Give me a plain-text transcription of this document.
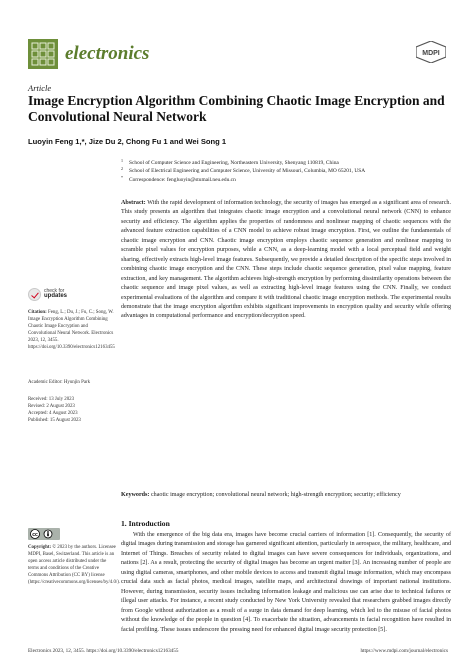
electronics	MDPI
Article
Image Encryption Algorithm Combining Chaotic Image Encryption and Convolutional Neural Network
Luoyin Feng 1,*, Jize Du 2, Chong Fu 1 and Wei Song 1
1 School of Computer Science and Engineering, Northeastern University, Shenyang 110819, China
2 School of Electrical Engineering and Computer Science, University of Missouri, Columbia, MO 65201, USA
* Correspondence: fengluoyin@stumail.neu.edu.cn
Abstract: With the rapid development of information technology, the security of images has emerged as a significant area of research. This study presents an algorithm that integrates chaotic image encryption and a convolutional neural network (CNN) to enhance security and efficiency. The algorithm applies the properties of randomness and nonlinear mapping of chaotic sequences with the advanced feature extraction capabilities of a CNN model to achieve robust image encryption. First, we outline the fundamentals of chaotic image encryption and CNN. Chaotic image encryption employs chaotic sequence generation and nonlinear mapping to scramble pixel values for encryption purposes, while a CNN, as a deep-learning model with a local perceptual field and weight sharing, effectively extracts high-level image features. Subsequently, we provide a detailed description of the specific steps involved in combining chaotic image encryption and the CNN. These steps include chaotic sequence generation, pixel value mapping, feature extraction, and key management. The algorithm achieves high-strength encryption by performing dissimilarity operations between the chaotic sequence and image pixel values, as well as extracting high-level image features using the CNN. Finally, we conduct experimental evaluations of the algorithm and compare it with traditional chaotic image encryption methods. The experimental results demonstrate that the image encryption algorithm exhibits significant improvements in encryption quality and security while offering advantages in computational performance and encryption/decryption speed.
Keywords: chaotic image encryption; convolutional neural network; high-strength encryption; security; efficiency
check for
updates
Citation: Feng, L.; Du, J.; Fu, C.; Song, W. Image Encryption Algorithm Combining Chaotic Image Encryption and Convolutional Neural Network. Electronics 2023, 12, 3455. https://doi.org/10.3390/electronics12163455
Academic Editor: Hyunjin Park
Received: 13 July 2023
Revised: 2 August 2023
Accepted: 4 August 2023
Published: 15 August 2023
cc
Copyright: © 2023 by the authors. Licensee MDPI, Basel, Switzerland. This article is an open access article distributed under the terms and conditions of the Creative Commons Attribution (CC BY) license (https://creativecommons.org/licenses/by/4.0/).
1. Introduction
With the emergence of the big data era, images have become crucial carriers of information [1]. Consequently, the security of digital images during transmission and storage has garnered significant attention, particularly in aerospace, the military, healthcare, and Internet of Things. Breaches of security related to digital images can have severe consequences for individuals, organizations, and nations [2]. As a result, protecting the security of digital images has become an urgent matter [3]. An increasing number of people are using digital cameras, smartphones, and other mobile devices to access and transmit digital image information, which may encompass crucial data such as facial photos, medical images, satellite maps, and architectural drawings of important national institutions. However, during transmission, security issues including information leakage and malicious use can arise due to technical failures or illegal user attacks. For instance, a recent study conducted by New York University revealed that researchers grabbed images directly from Google without authorization as a result of a surge in data demand for deep learning, which led to the misuse of facial photos without the knowledge of the people in question [4]. To exacerbate the situation, advancements in facial recognition have resulted in facial profiling. These issues underscore the pressing need for enhanced digital image security protection [5].
Electronics 2023, 12, 3455. https://doi.org/10.3390/electronics12163455	https://www.mdpi.com/journal/electronics
